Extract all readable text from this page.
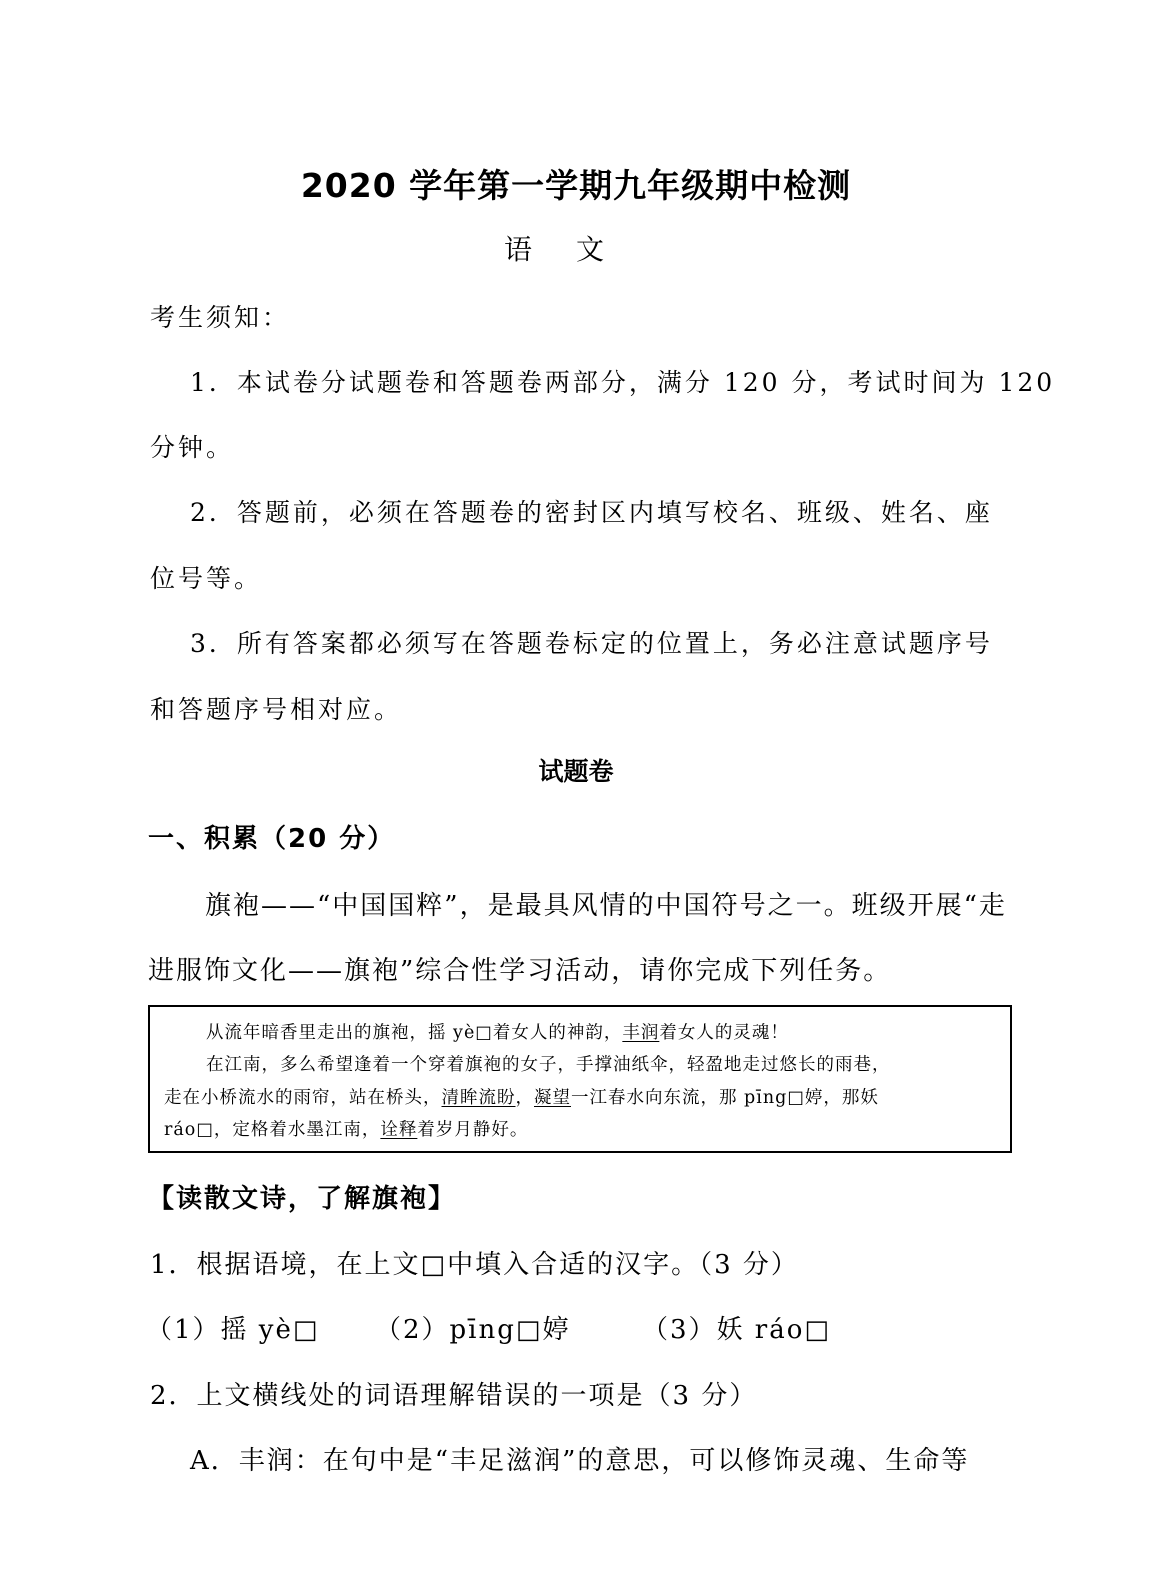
2020 学年第一学期九年级期中检测
语文
考生须知：
1．本试卷分试题卷和答题卷两部分，满分 120 分，考试时间为 120
分钟。
2．答题前，必须在答题卷的密封区内填写校名、班级、姓名、座
位号等。
3．所有答案都必须写在答题卷标定的位置上，务必注意试题序号
和答题序号相对应。
试题卷
一、积累（20 分）
旗袍——“中国国粹”，是最具风情的中国符号之一。班级开展“走
进服饰文化——旗袍”综合性学习活动，请你完成下列任务。
从流年暗香里走出的旗袍，摇 yè□着女人的神韵，丰润着女人的灵魂！
在江南，多么希望逢着一个穿着旗袍的女子，手撑油纸伞，轻盈地走过悠长的雨巷，
走在小桥流水的雨帘，站在桥头，清眸流盼，凝望一江春水向东流，那 pīng□婷，那妖
ráo□，定格着水墨江南，诠释着岁月静好。
【读散文诗，了解旗袍】
1．根据语境，在上文□中填入合适的汉字。（3 分）
（1）摇 yè□ （2）pīng□婷	（3）妖 ráo□
2．上文横线处的词语理解错误的一项是（3 分）
A．丰润：在句中是“丰足滋润”的意思，可以修饰灵魂、生命等
